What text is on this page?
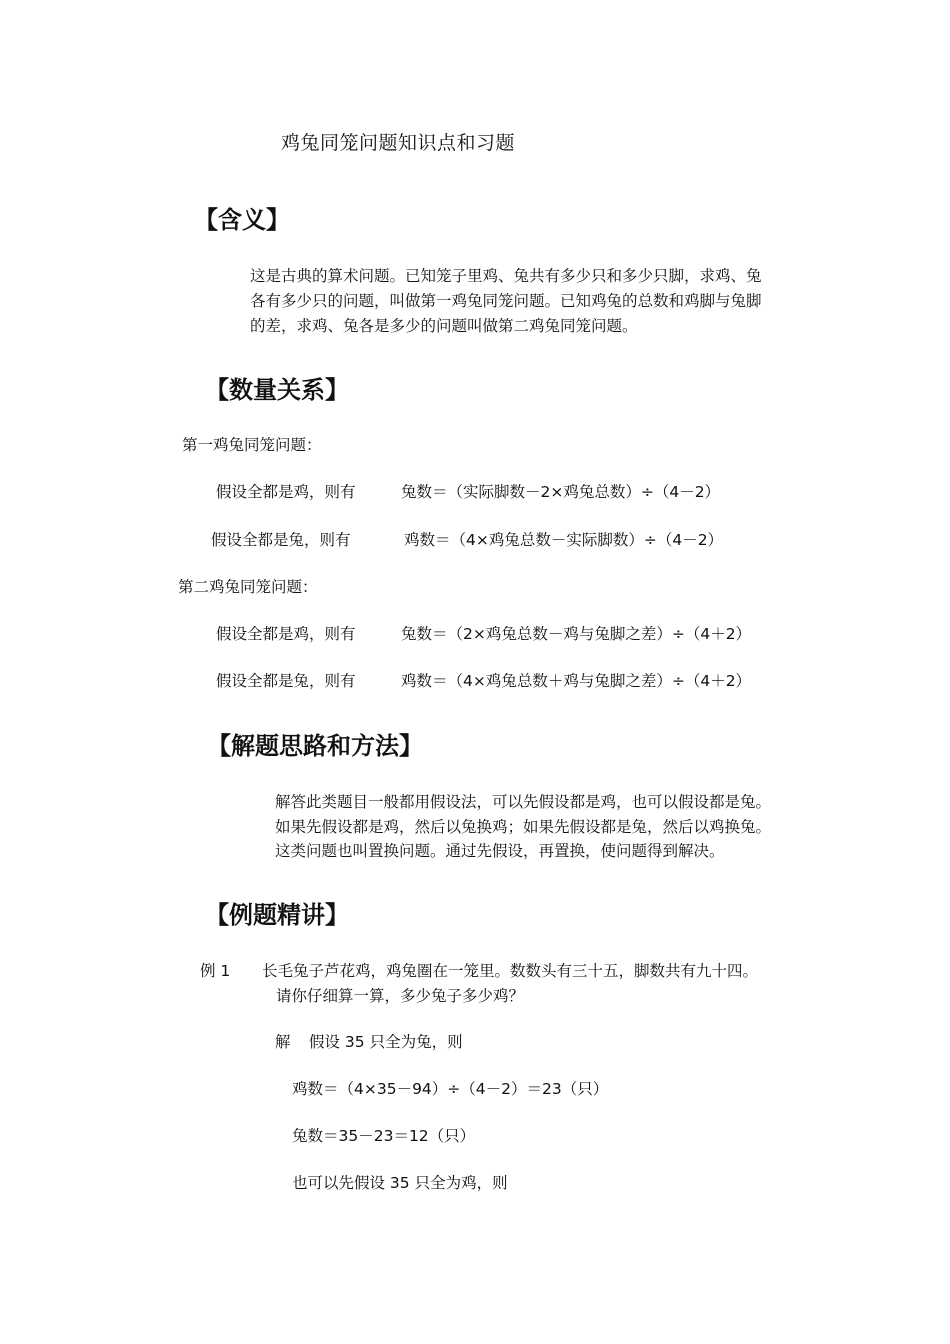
鸡兔同笼问题知识点和习题
【含义】
这是古典的算术问题。已知笼子里鸡、兔共有多少只和多少只脚，求鸡、兔
各有多少只的问题，叫做第一鸡兔同笼问题。已知鸡兔的总数和鸡脚与兔脚
的差，求鸡、兔各是多少的问题叫做第二鸡兔同笼问题。
【数量关系】
第一鸡兔同笼问题：
假设全都是鸡，则有	兔数＝（实际脚数－2×鸡兔总数）÷（4－2）
假设全都是兔，则有	鸡数＝（4×鸡兔总数－实际脚数）÷（4－2）
第二鸡兔同笼问题：
假设全都是鸡，则有	兔数＝（2×鸡兔总数－鸡与兔脚之差）÷（4＋2）
假设全都是兔，则有	鸡数＝（4×鸡兔总数＋鸡与兔脚之差）÷（4＋2）
【解题思路和方法】
解答此类题目一般都用假设法，可以先假设都是鸡，也可以假设都是兔。
如果先假设都是鸡，然后以兔换鸡；如果先假设都是兔，然后以鸡换兔。
这类问题也叫置换问题。通过先假设，再置换，使问题得到解决。
【例题精讲】
例 1 长毛兔子芦花鸡，鸡兔圈在一笼里。数数头有三十五，脚数共有九十四。
请你仔细算一算，多少兔子多少鸡？
解 假设 35 只全为兔，则
鸡数＝（4×35－94）÷（4－2）＝23（只）
兔数＝35－23＝12（只）
也可以先假设 35 只全为鸡，则
